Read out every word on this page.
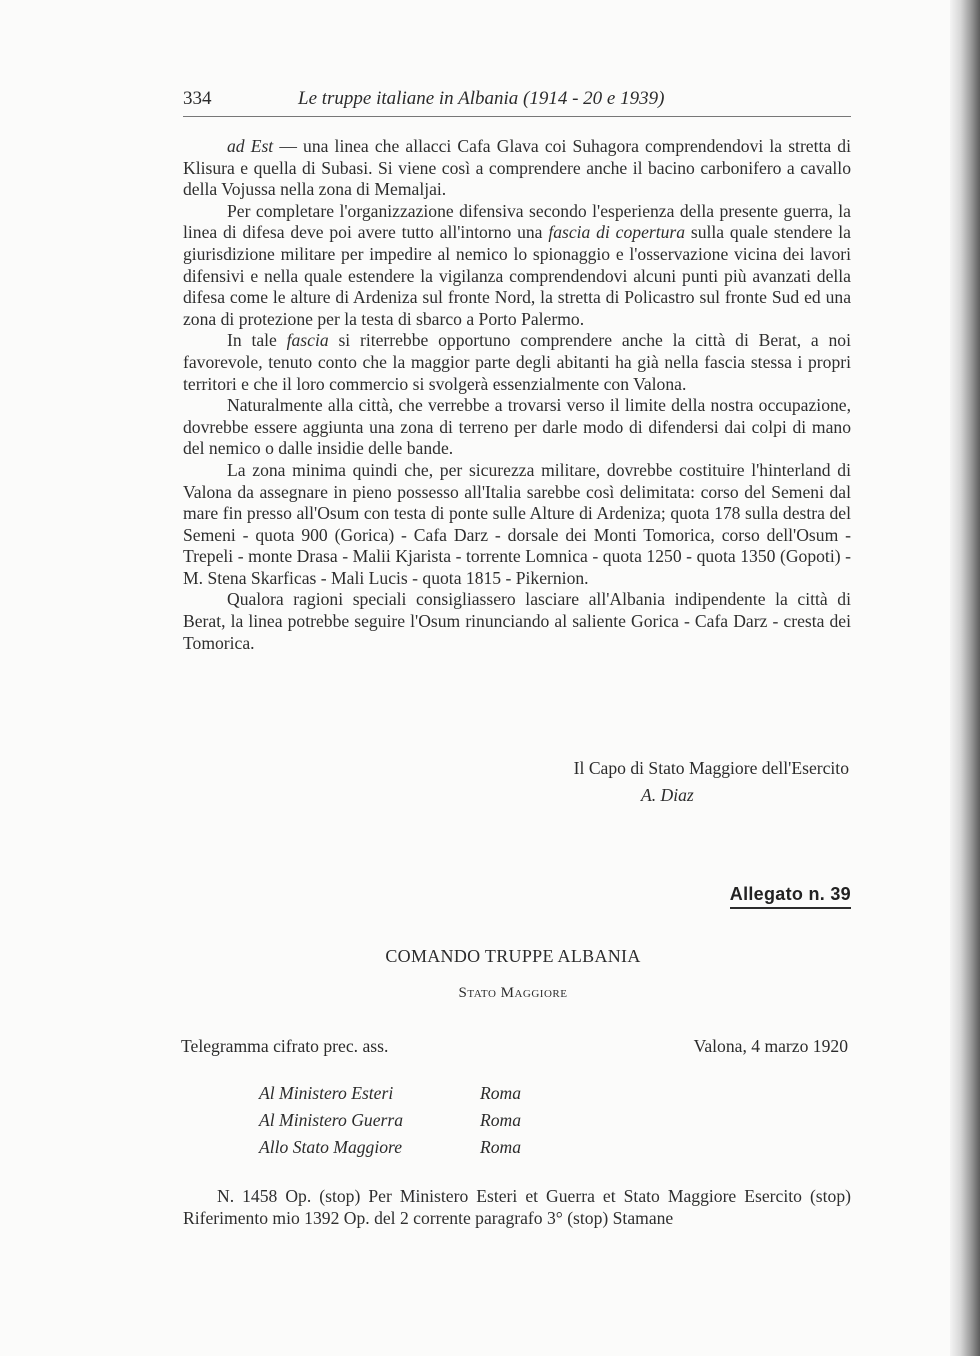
334	Le truppe italiane in Albania (1914 - 20 e 1939)

ad Est — una linea che allacci Cafa Glava coi Suhagora comprendendovi la stretta di Klisura e quella di Subasi. Si viene così a comprendere anche il bacino carbonifero a cavallo della Vojussa nella zona di Memaljai.

Per completare l'organizzazione difensiva secondo l'esperienza della presente guerra, la linea di difesa deve poi avere tutto all'intorno una fascia di copertura sulla quale stendere la giurisdizione militare per impedire al nemico lo spionaggio e l'osservazione vicina dei lavori difensivi e nella quale estendere la vigilanza comprendendovi alcuni punti più avanzati della difesa come le alture di Ardeniza sul fronte Nord, la stretta di Policastro sul fronte Sud ed una zona di protezione per la testa di sbarco a Porto Palermo.

In tale fascia si riterrebbe opportuno comprendere anche la città di Berat, a noi favorevole, tenuto conto che la maggior parte degli abitanti ha già nella fascia stessa i propri territori e che il loro commercio si svolgerà essenzialmente con Valona.

Naturalmente alla città, che verrebbe a trovarsi verso il limite della nostra occupazione, dovrebbe essere aggiunta una zona di terreno per darle modo di difendersi dai colpi di mano del nemico o dalle insidie delle bande.

La zona minima quindi che, per sicurezza militare, dovrebbe costituire l'hinterland di Valona da assegnare in pieno possesso all'Italia sarebbe così delimitata: corso del Semeni dal mare fin presso all'Osum con testa di ponte sulle Alture di Ardeniza; quota 178 sulla destra del Semeni - quota 900 (Gorica) - Cafa Darz - dorsale dei Monti Tomorica, corso dell'Osum - Trepeli - monte Drasa - Malii Kjarista - torrente Lomnica - quota 1250 - quota 1350 (Gopoti) - M. Stena Skarficas - Mali Lucis - quota 1815 - Pikernion.

Qualora ragioni speciali consigliassero lasciare all'Albania indipendente la città di Berat, la linea potrebbe seguire l'Osum rinunciando al saliente Gorica - Cafa Darz - cresta dei Tomorica.

Il Capo di Stato Maggiore dell'Esercito
A. Diaz
Allegato n. 39
COMANDO TRUPPE ALBANIA
Stato Maggiore
Telegramma cifrato prec. ass.	Valona, 4 marzo 1920
Al Ministero Esteri	Roma
Al Ministero Guerra	Roma
Allo Stato Maggiore	Roma

N. 1458 Op. (stop) Per Ministero Esteri et Guerra et Stato Maggiore Esercito (stop) Riferimento mio 1392 Op. del 2 corrente paragrafo 3° (stop) Stamane
